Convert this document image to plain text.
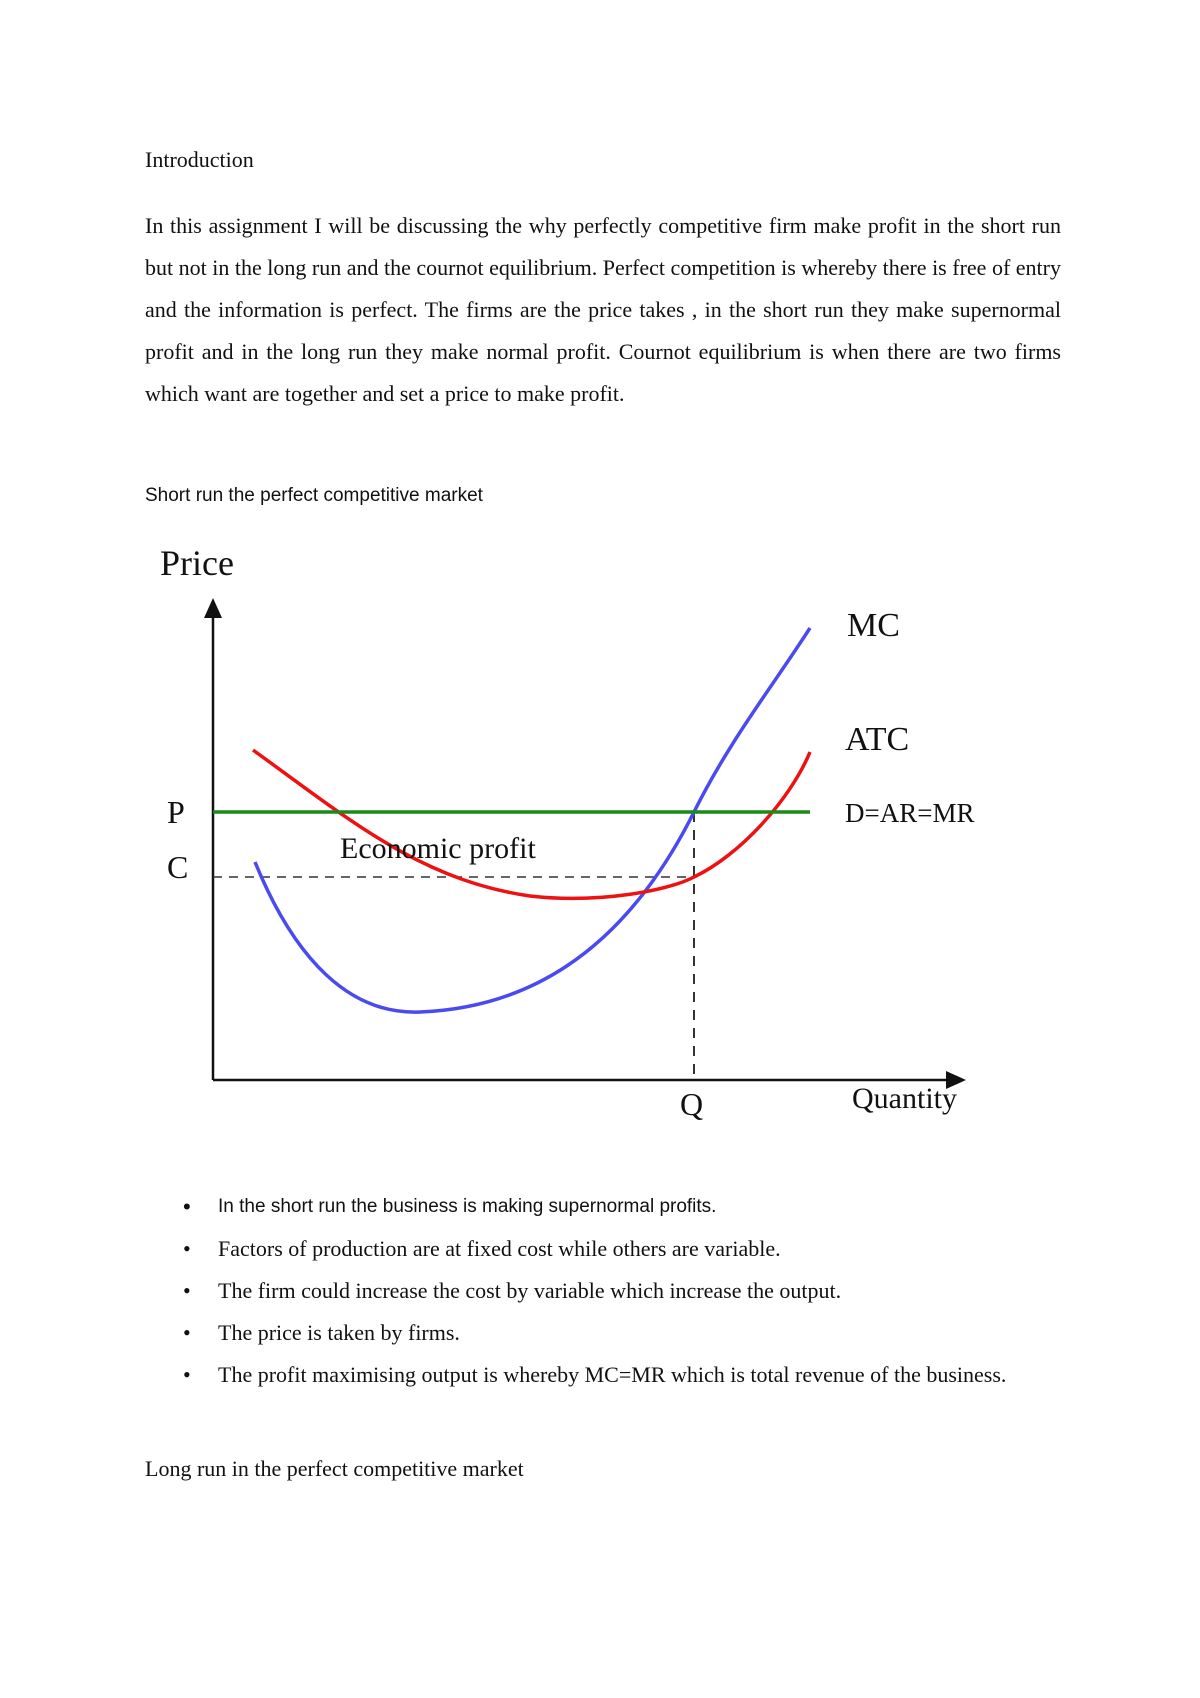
Introduction

In this assignment I will be discussing the why perfectly competitive firm make profit in the short run but not in the long run and the cournot equilibrium. Perfect competition is whereby there is free of entry and the information is perfect. The firms are the price takes , in the short run they make supernormal profit and in the long run they make normal profit. Cournot equilibrium is when there are two firms which want are together and set a price to make profit.

Short run the perfect competitive market
Price
Quantity
P
C
Q
MC
ATC
D=AR=MR
Economic profit
• In the short run the business is making supernormal profits.
• Factors of production are at fixed cost while others are variable.
• The firm could increase the cost by variable which increase the output.
• The price is taken by firms.
• The profit maximising output is whereby MC=MR which is total revenue of the business.
Long run in the perfect competitive market
